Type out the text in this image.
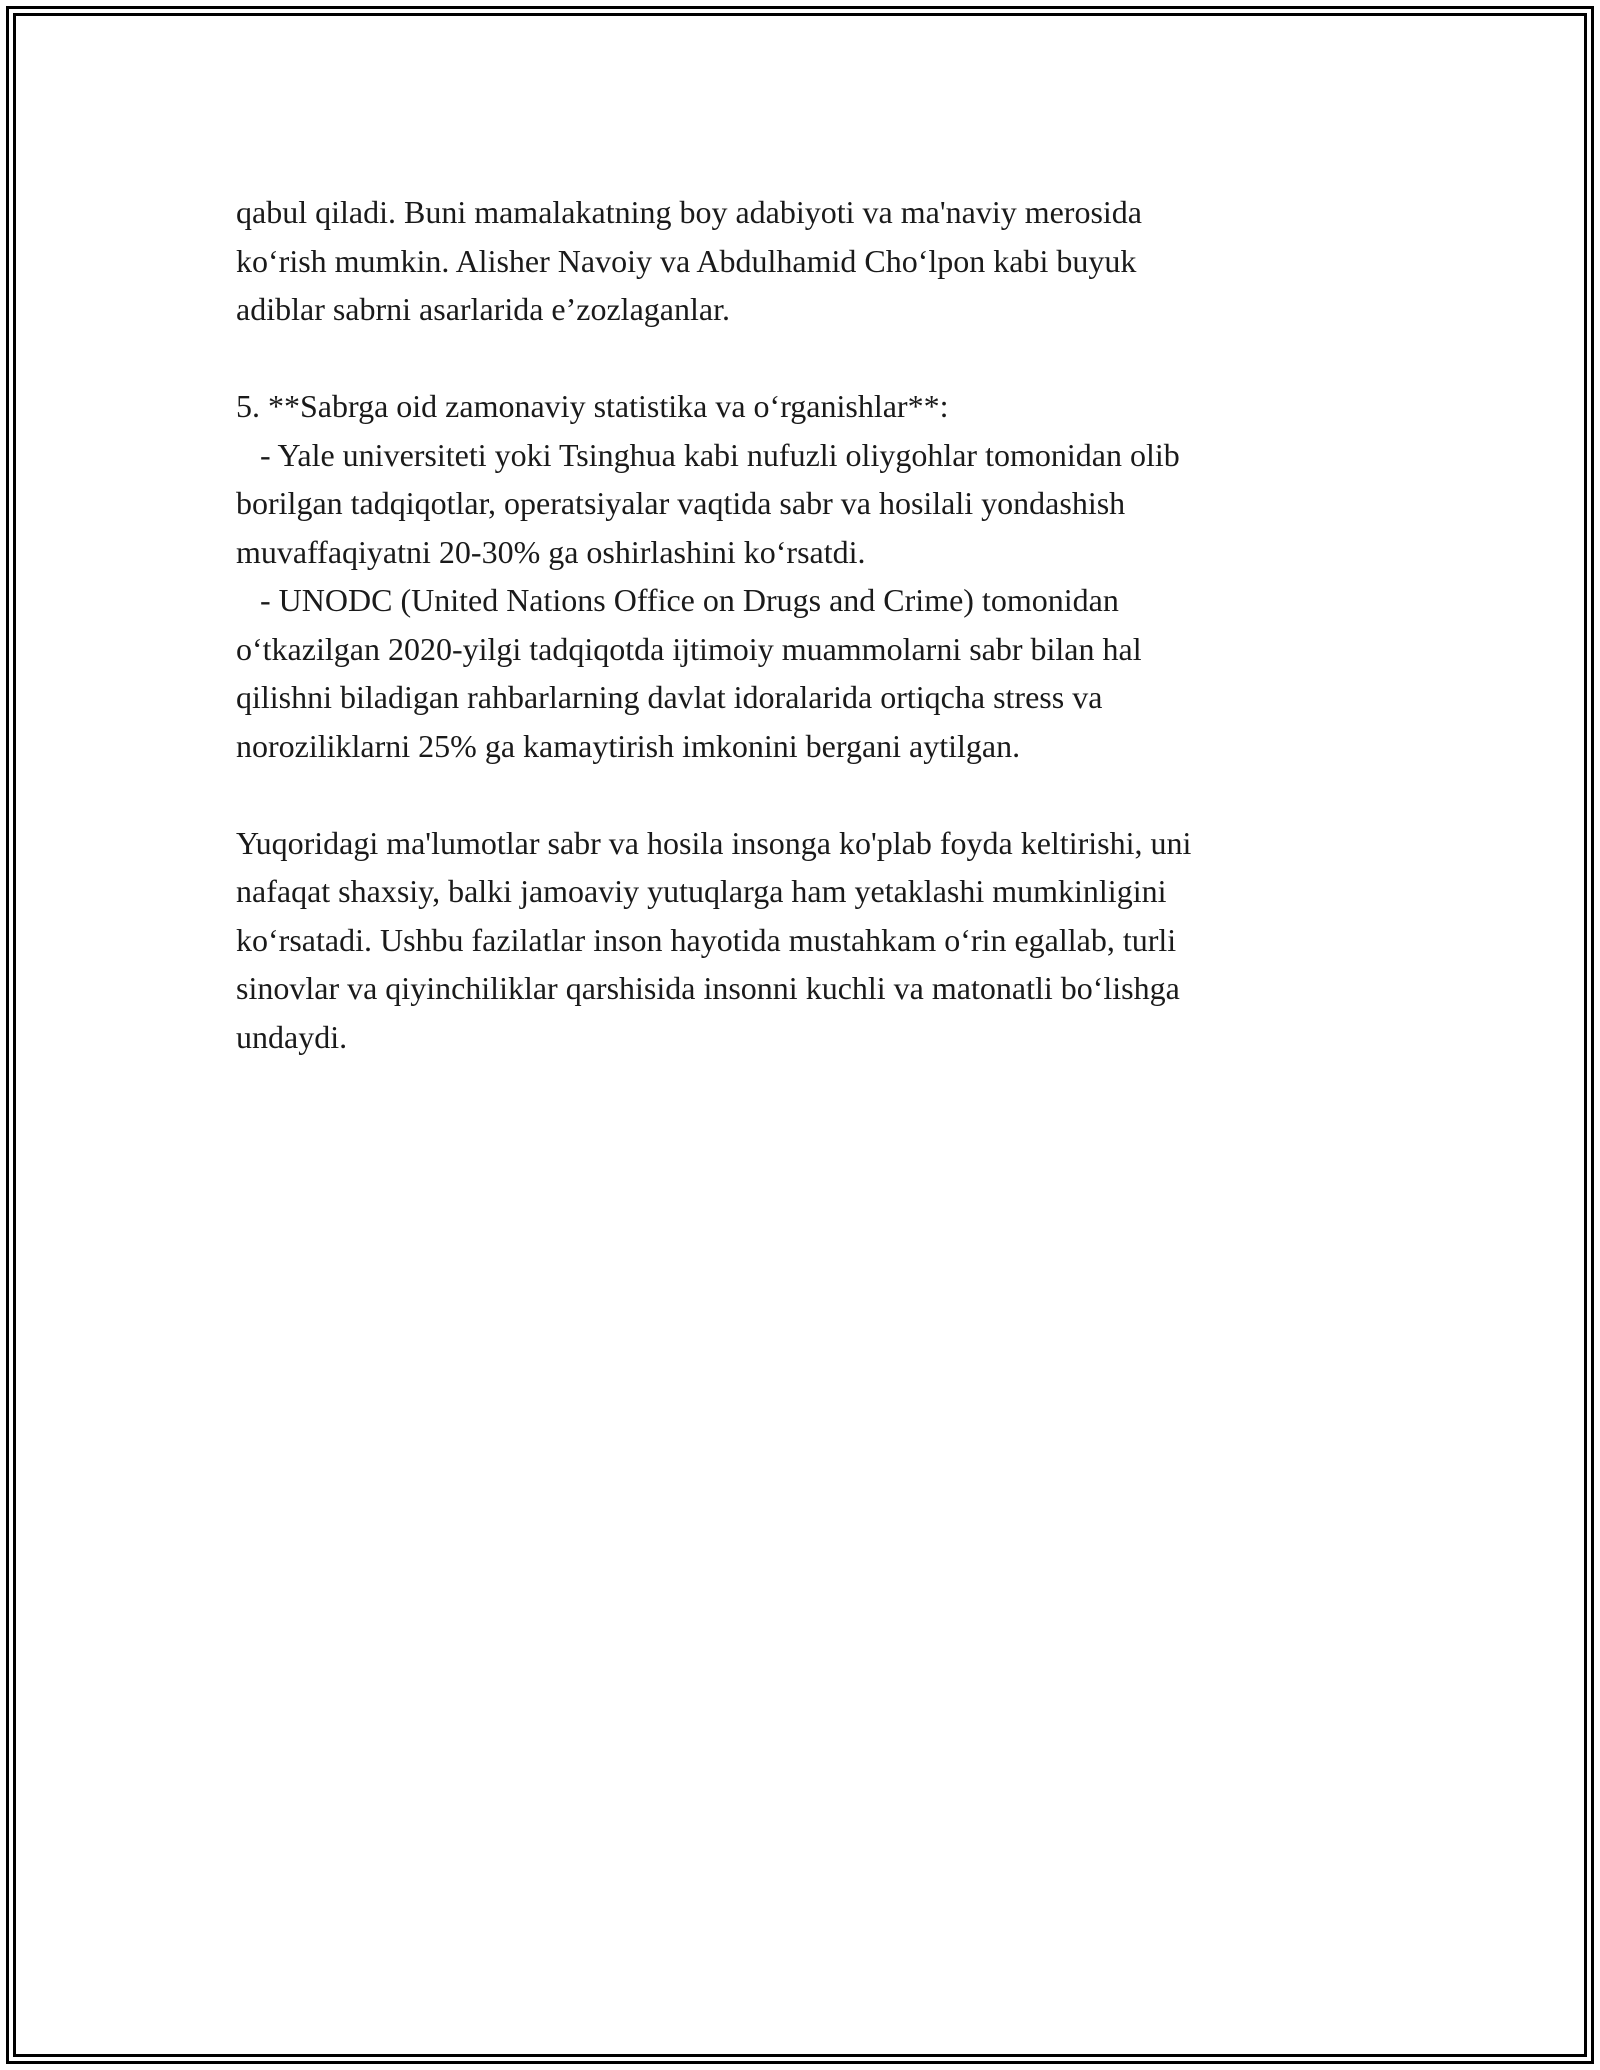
qabul qiladi. Buni mamalakatning boy adabiyoti va ma'naviy merosida

koʻrish mumkin. Alisher Navoiy va Abdulhamid Choʻlpon kabi buyuk

adiblar sabrni asarlarida e’zozlaganlar.

5. **Sabrga oid zamonaviy statistika va oʻrganishlar**:

- Yale universiteti yoki Tsinghua kabi nufuzli oliygohlar tomonidan olib

borilgan tadqiqotlar, operatsiyalar vaqtida sabr va hosilali yondashish

muvaffaqiyatni 20-30% ga oshirlashini koʻrsatdi.

- UNODC (United Nations Office on Drugs and Crime) tomonidan

oʻtkazilgan 2020-yilgi tadqiqotda ijtimoiy muammolarni sabr bilan hal

qilishni biladigan rahbarlarning davlat idoralarida ortiqcha stress va

noroziliklarni 25% ga kamaytirish imkonini bergani aytilgan.

Yuqoridagi ma'lumotlar sabr va hosila insonga ko'plab foyda keltirishi, uni

nafaqat shaxsiy, balki jamoaviy yutuqlarga ham yetaklashi mumkinligini

koʻrsatadi. Ushbu fazilatlar inson hayotida mustahkam oʻrin egallab, turli

sinovlar va qiyinchiliklar qarshisida insonni kuchli va matonatli boʻlishga

undaydi.
